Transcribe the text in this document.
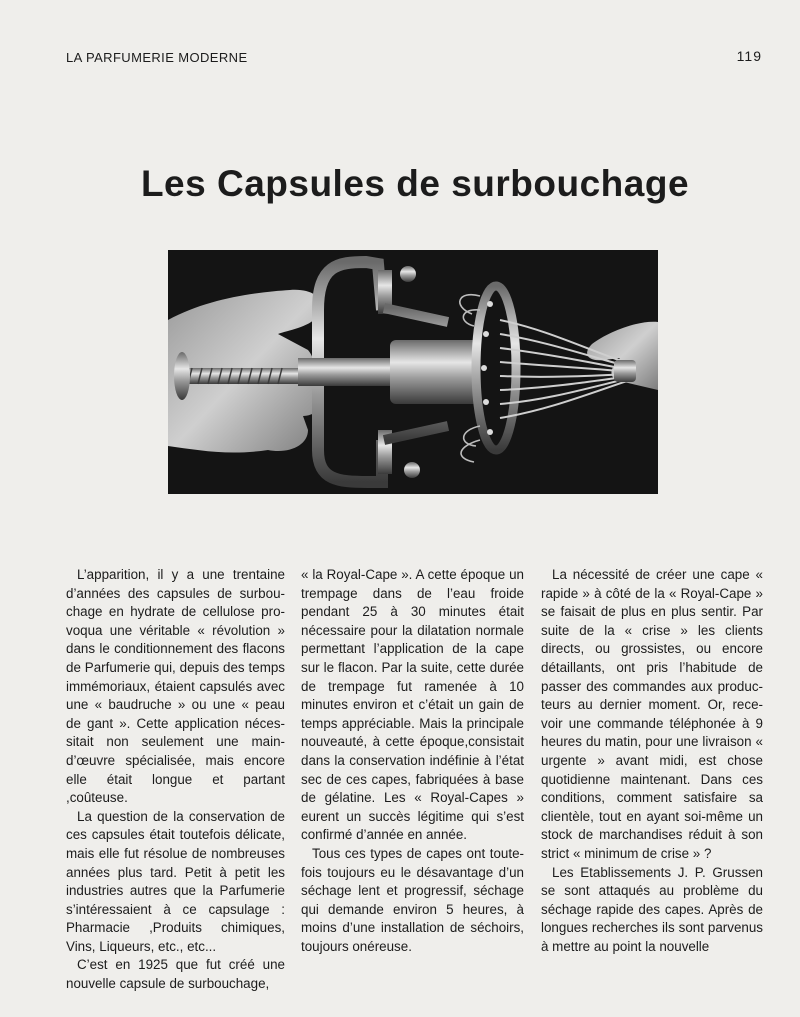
LA PARFUMERIE MODERNE	119
Les Capsules de surbouchage

L’apparition, il y a une trentaine d’années des capsules de surbouchage en hydrate de cellulose provoqua une véritable « révolution » dans le conditionnement des flacons de Parfumerie qui, depuis des temps immémoriaux, étaient capsulés avec une « baudruche » ou une « peau de gant ». Cette application nécessitait non seulement une main-d’œuvre spécialisée, mais encore elle était longue et partant ,coûteuse.

La question de la conservation de ces capsules était toutefois délicate, mais elle fut résolue de nombreuses années plus tard. Petit à petit les industries autres que la Parfumerie s’intéressaient à ce capsulage : Pharmacie ,Produits chimiques, Vins, Liqueurs, etc., etc...

C’est en 1925 que fut créé une nouvelle capsule de surbouchage,

« la Royal-Cape ». A cette époque un trempage dans de l’eau froide pendant 25 à 30 minutes était nécessaire pour la dilatation normale permettant l’application de la cape sur le flacon. Par la suite, cette durée de trempage fut ramenée à 10 minutes environ et c’était un gain de temps appréciable. Mais la principale nouveauté, à cette époque,consistait dans la conservation indéfinie à l’état sec de ces capes, fabriquées à base de gélatine. Les « Royal-Capes » eurent un succès légitime qui s’est confirmé d’année en année.

Tous ces types de capes ont toutefois toujours eu le désavantage d’un séchage lent et progressif, séchage qui demande environ 5 heures, à moins d’une installation de séchoirs, toujours onéreuse.

La nécessité de créer une cape « rapide » à côté de la « Royal-Cape » se faisait de plus en plus sentir. Par suite de la « crise » les clients directs, ou grossistes, ou encore détaillants, ont pris l’habitude de passer des commandes aux producteurs au dernier moment. Or, recevoir une commande téléphonée à 9 heures du matin, pour une livraison « urgente » avant midi, est chose quotidienne maintenant. Dans ces conditions, comment satisfaire sa clientèle, tout en ayant soi-même un stock de marchandises réduit à son strict « minimum de crise » ?

Les Etablissements J. P. Grussen se sont attaqués au problème du séchage rapide des capes. Après de longues recherches ils sont parvenus à mettre au point la nouvelle
